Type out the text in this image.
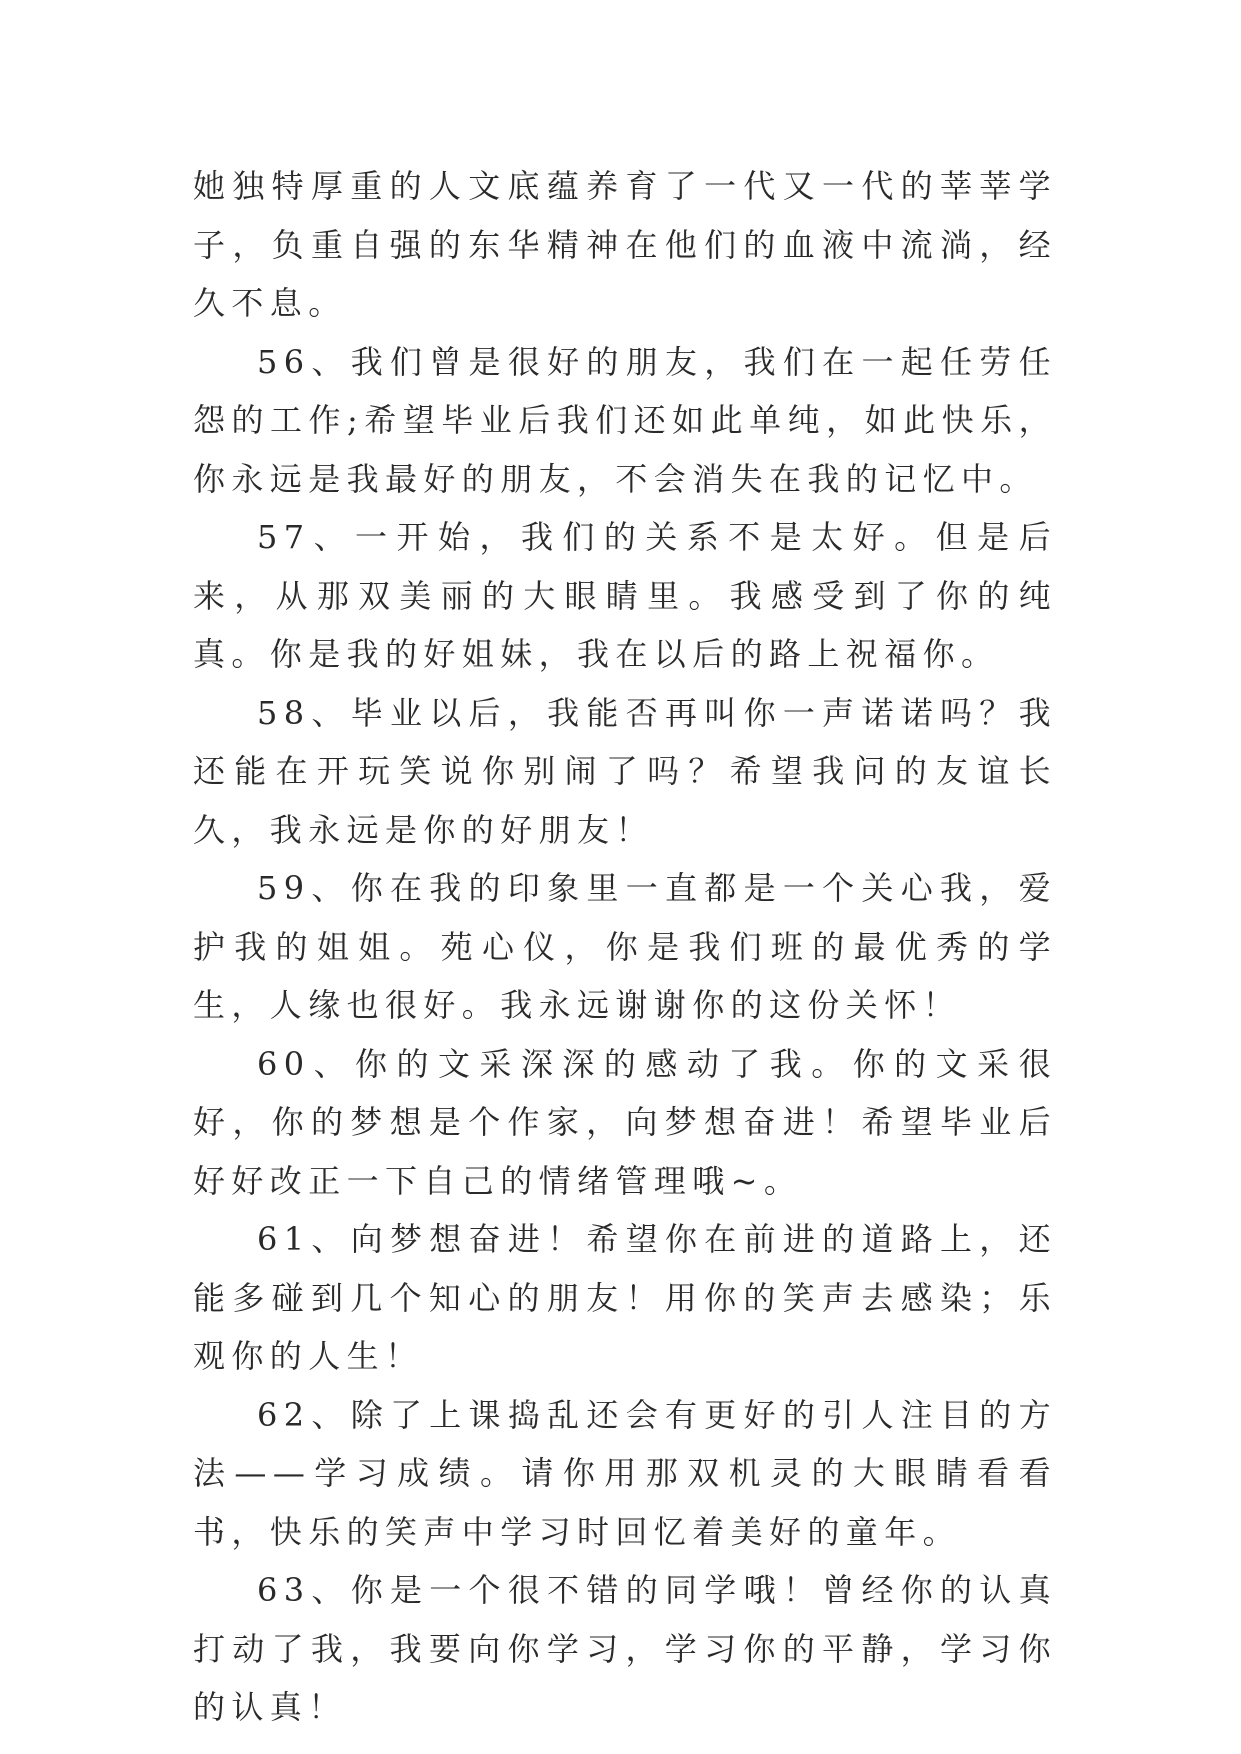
她独特厚重的人文底蕴养育了一代又一代的莘莘学子，负重自强的东华精神在他们的血液中流淌，经久不息。

56、我们曾是很好的朋友，我们在一起任劳任怨的工作;希望毕业后我们还如此单纯，如此快乐，你永远是我最好的朋友，不会消失在我的记忆中。

57、一开始，我们的关系不是太好。但是后来，从那双美丽的大眼睛里。我感受到了你的纯真。你是我的好姐妹，我在以后的路上祝福你。

58、毕业以后，我能否再叫你一声诺诺吗？我还能在开玩笑说你别闹了吗？希望我问的友谊长久，我永远是你的好朋友！

59、你在我的印象里一直都是一个关心我，爱护我的姐姐。苑心仪，你是我们班的最优秀的学生，人缘也很好。我永远谢谢你的这份关怀！

60、你的文采深深的感动了我。你的文采很好，你的梦想是个作家，向梦想奋进！希望毕业后好好改正一下自己的情绪管理哦~。

61、向梦想奋进！希望你在前进的道路上，还能多碰到几个知心的朋友！用你的笑声去感染；乐观你的人生！

62、除了上课捣乱还会有更好的引人注目的方法——学习成绩。请你用那双机灵的大眼睛看看书，快乐的笑声中学习时回忆着美好的童年。

63、你是一个很不错的同学哦！曾经你的认真打动了我，我要向你学习，学习你的平静，学习你的认真！
